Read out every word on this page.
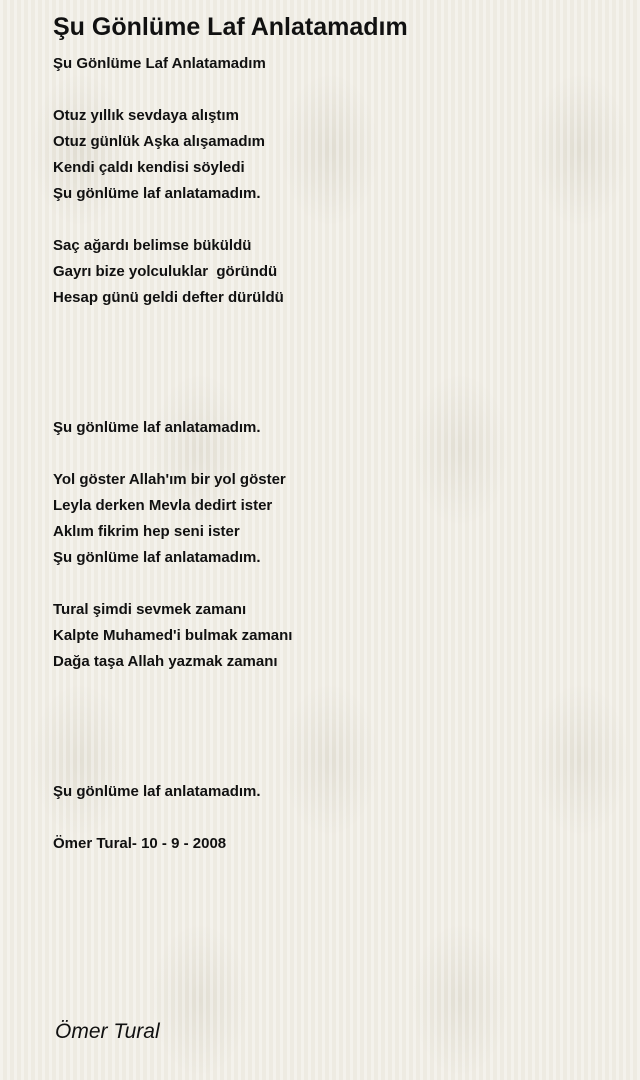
Şu Gönlüme Laf Anlatamadım
Şu Gönlüme Laf Anlatamadım
Otuz yıllık sevdaya alıştım
Otuz günlük Aşka alışamadım
Kendi çaldı kendisi söyledi
Şu gönlüme laf anlatamadım.
Saç ağardı belimse büküldü
Gayrı bize yolculuklar  göründü
Hesap günü geldi defter dürüldü
Şu gönlüme laf anlatamadım.
Yol göster Allah'ım bir yol göster
Leyla derken Mevla dedirt ister
Aklım fikrim hep seni ister
Şu gönlüme laf anlatamadım.
Tural şimdi sevmek zamanı
Kalpte Muhamed'i bulmak zamanı
Dağa taşa Allah yazmak zamanı
Şu gönlüme laf anlatamadım.
Ömer Tural- 10 - 9 - 2008
Ömer Tural
